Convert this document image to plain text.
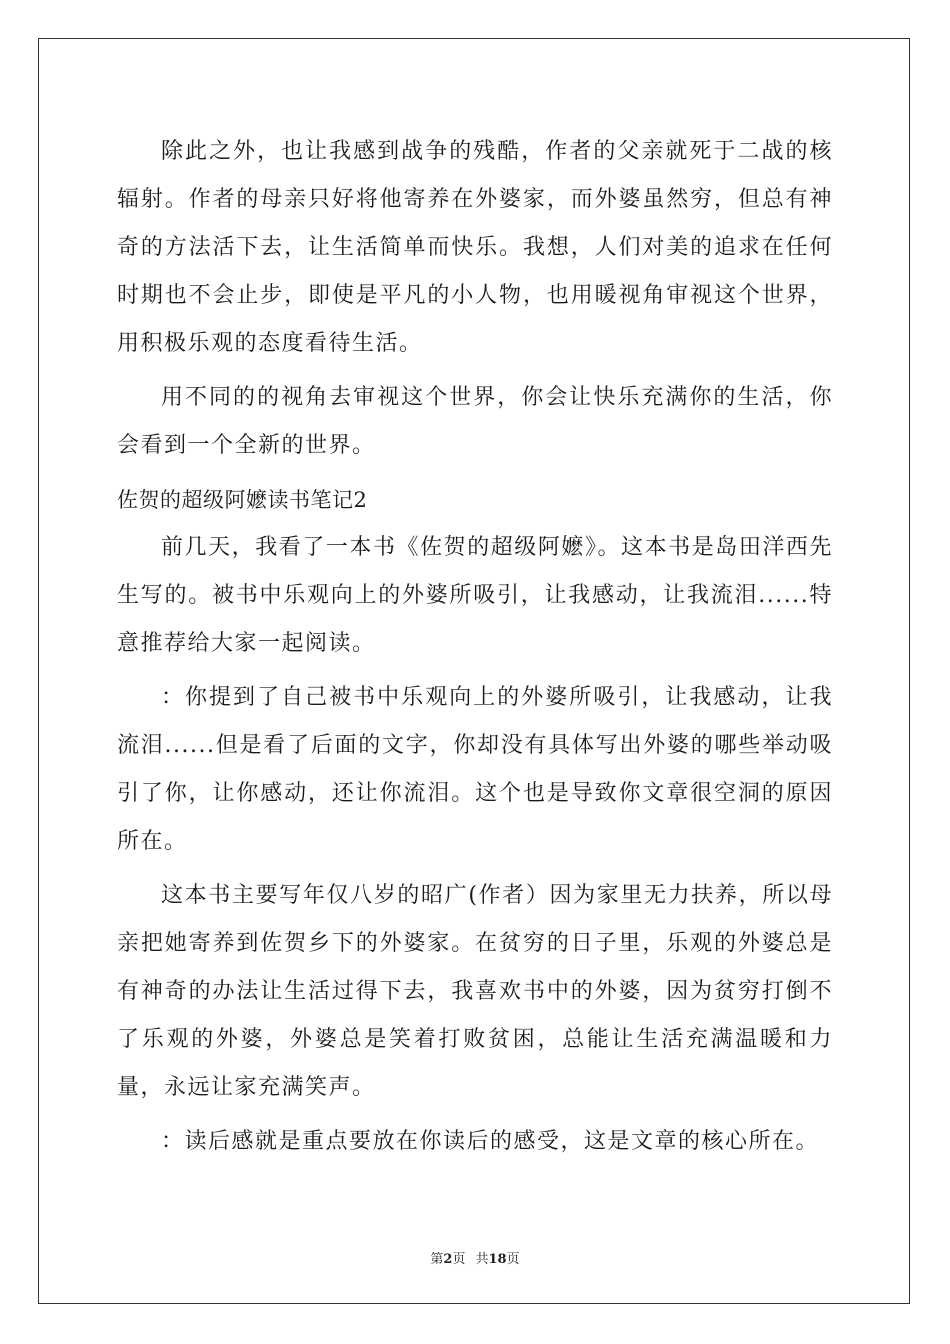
除此之外，也让我感到战争的残酷，作者的父亲就死于二战的核辐射。作者的母亲只好将他寄养在外婆家，而外婆虽然穷，但总有神奇的方法活下去，让生活简单而快乐。我想，人们对美的追求在任何时期也不会止步，即使是平凡的小人物，也用暖视角审视这个世界，用积极乐观的态度看待生活。

用不同的的视角去审视这个世界，你会让快乐充满你的生活，你会看到一个全新的世界。

佐贺的超级阿嬷读书笔记2

前几天，我看了一本书《佐贺的超级阿嬷》。这本书是岛田洋西先生写的。被书中乐观向上的外婆所吸引，让我感动，让我流泪......特意推荐给大家一起阅读。

：你提到了自己被书中乐观向上的外婆所吸引，让我感动，让我流泪......但是看了后面的文字，你却没有具体写出外婆的哪些举动吸引了你，让你感动，还让你流泪。这个也是导致你文章很空洞的原因所在。

这本书主要写年仅八岁的昭广(作者）因为家里无力扶养，所以母亲把她寄养到佐贺乡下的外婆家。在贫穷的日子里，乐观的外婆总是有神奇的办法让生活过得下去，我喜欢书中的外婆，因为贫穷打倒不了乐观的外婆，外婆总是笑着打败贫困，总能让生活充满温暖和力量，永远让家充满笑声。

：读后感就是重点要放在你读后的感受，这是文章的核心所在。

第2页 共18页
